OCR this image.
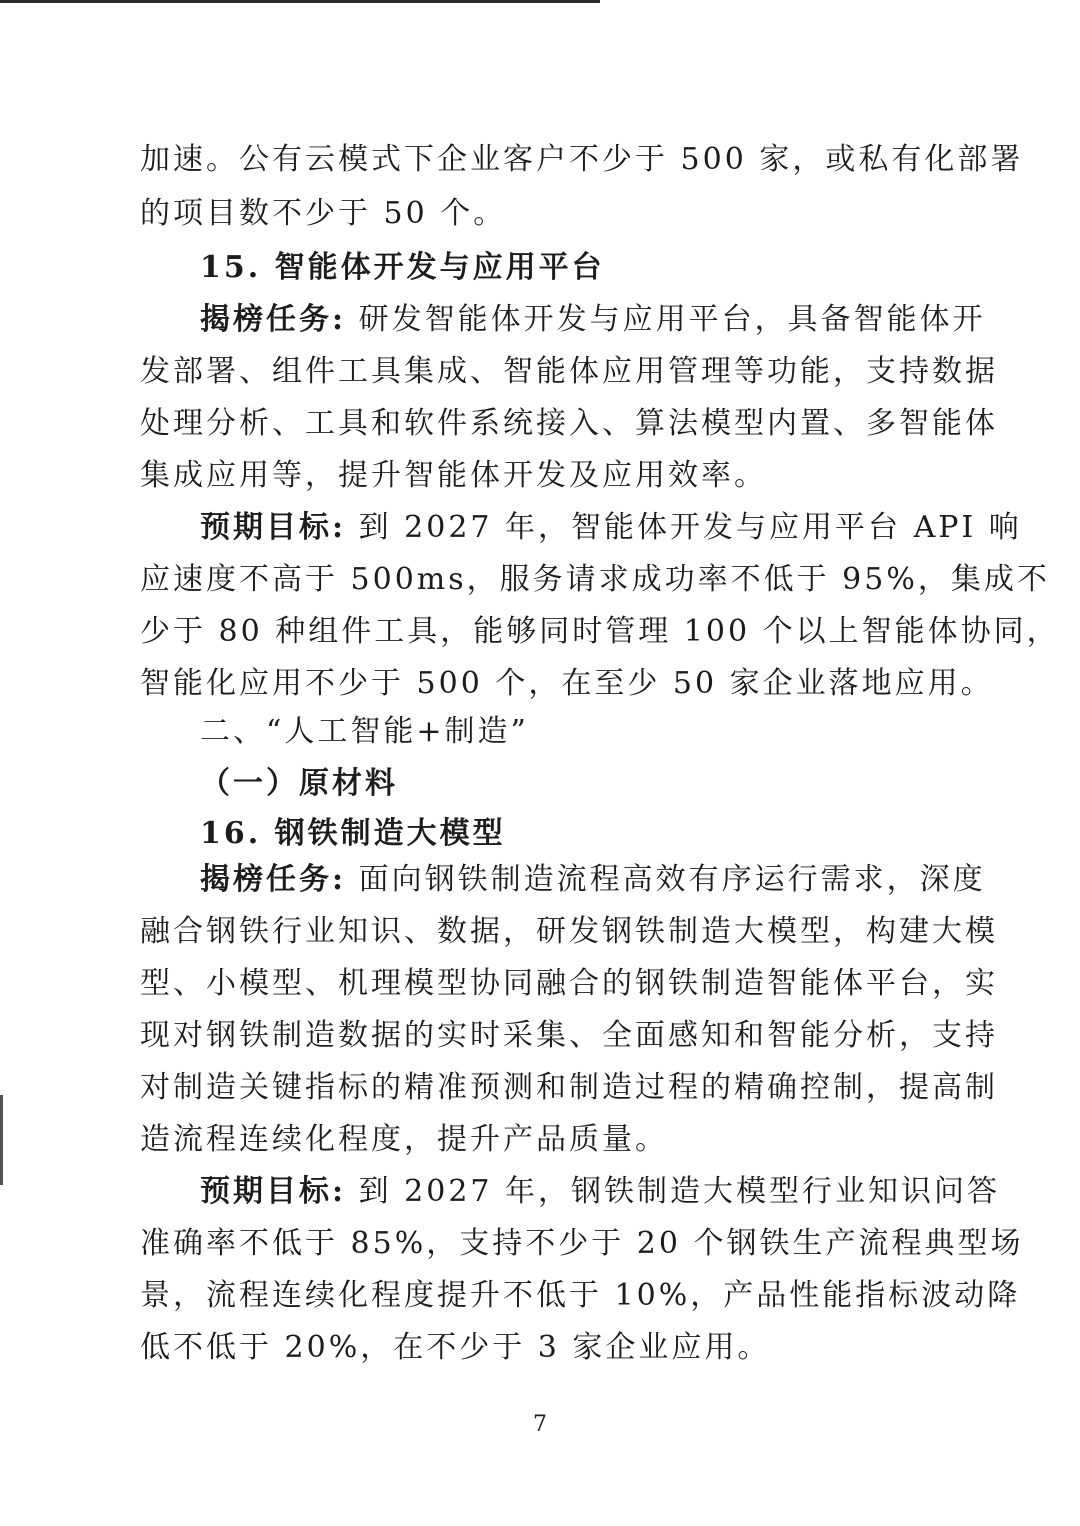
加速。公有云模式下企业客户不少于 500 家，或私有化部署
的项目数不少于 50 个。
15. 智能体开发与应用平台
揭榜任务: 研发智能体开发与应用平台，具备智能体开
发部署、组件工具集成、智能体应用管理等功能，支持数据
处理分析、工具和软件系统接入、算法模型内置、多智能体
集成应用等，提升智能体开发及应用效率。
预期目标: 到 2027 年，智能体开发与应用平台 API 响
应速度不高于 500ms，服务请求成功率不低于 95%，集成不
少于 80 种组件工具，能够同时管理 100 个以上智能体协同，
智能化应用不少于 500 个，在至少 50 家企业落地应用。
二、“人工智能+制造”
（一）原材料
16. 钢铁制造大模型
揭榜任务: 面向钢铁制造流程高效有序运行需求，深度
融合钢铁行业知识、数据，研发钢铁制造大模型，构建大模
型、小模型、机理模型协同融合的钢铁制造智能体平台，实
现对钢铁制造数据的实时采集、全面感知和智能分析，支持
对制造关键指标的精准预测和制造过程的精确控制，提高制
造流程连续化程度，提升产品质量。
预期目标: 到 2027 年，钢铁制造大模型行业知识问答
准确率不低于 85%，支持不少于 20 个钢铁生产流程典型场
景，流程连续化程度提升不低于 10%，产品性能指标波动降
低不低于 20%，在不少于 3 家企业应用。
7
